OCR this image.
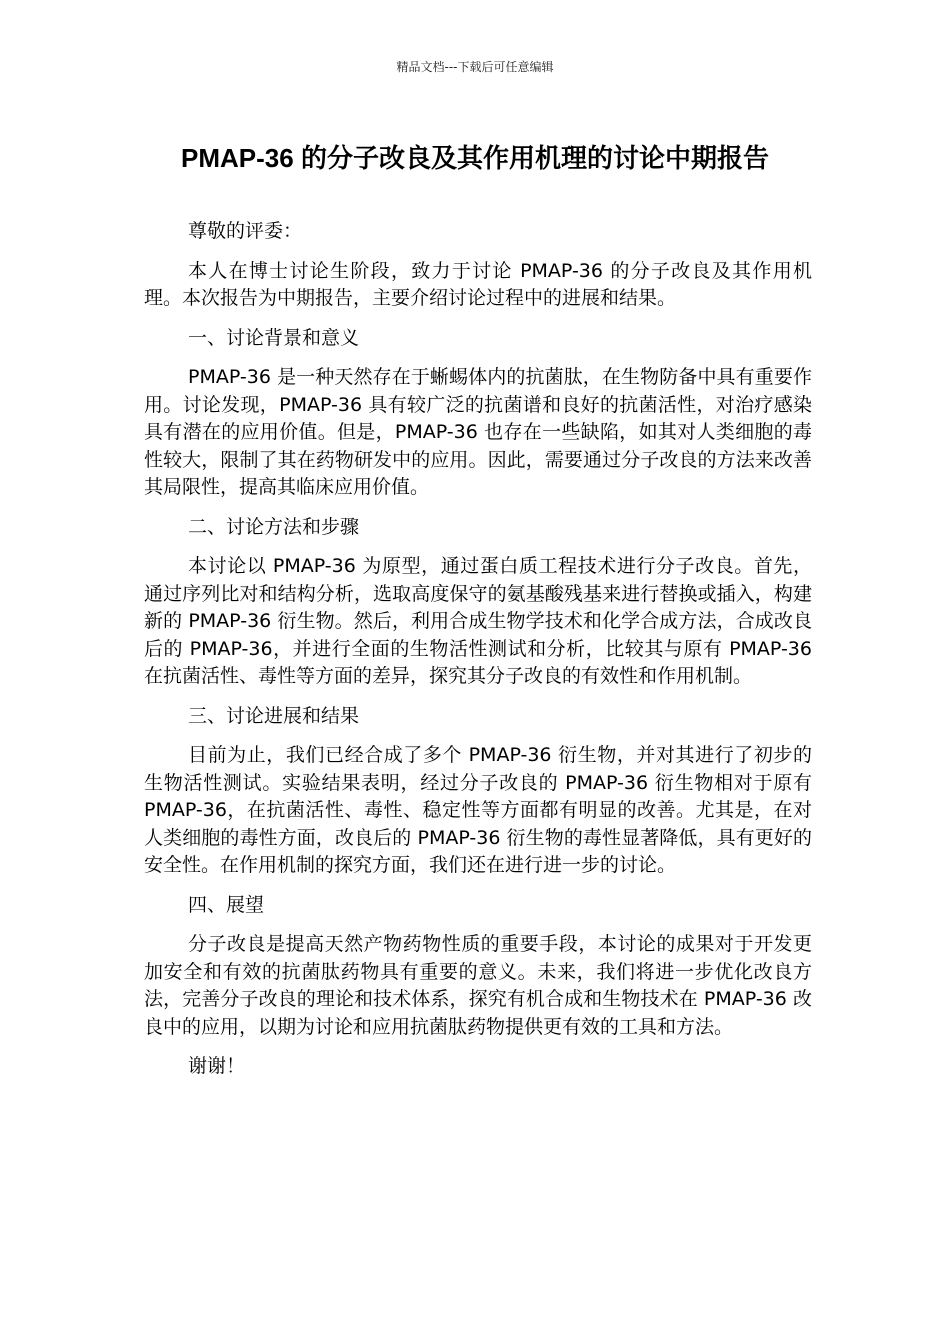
精品文档---下载后可任意编辑
PMAP-36 的分子改良及其作用机理的讨论中期报告

尊敬的评委：

本人在博士讨论生阶段，致力于讨论 PMAP-36 的分子改良及其作用机理。本次报告为中期报告，主要介绍讨论过程中的进展和结果。

一、讨论背景和意义

PMAP-36 是一种天然存在于蜥蜴体内的抗菌肽，在生物防备中具有重要作用。讨论发现，PMAP-36 具有较广泛的抗菌谱和良好的抗菌活性，对治疗感染具有潜在的应用价值。但是，PMAP-36 也存在一些缺陷，如其对人类细胞的毒性较大，限制了其在药物研发中的应用。因此，需要通过分子改良的方法来改善其局限性，提高其临床应用价值。

二、讨论方法和步骤

本讨论以 PMAP-36 为原型，通过蛋白质工程技术进行分子改良。首先，通过序列比对和结构分析，选取高度保守的氨基酸残基来进行替换或插入，构建新的 PMAP-36 衍生物。然后，利用合成生物学技术和化学合成方法，合成改良后的 PMAP-36，并进行全面的生物活性测试和分析，比较其与原有 PMAP-36 在抗菌活性、毒性等方面的差异，探究其分子改良的有效性和作用机制。

三、讨论进展和结果

目前为止，我们已经合成了多个 PMAP-36 衍生物，并对其进行了初步的生物活性测试。实验结果表明，经过分子改良的 PMAP-36 衍生物相对于原有 PMAP-36，在抗菌活性、毒性、稳定性等方面都有明显的改善。尤其是，在对人类细胞的毒性方面，改良后的 PMAP-36 衍生物的毒性显著降低，具有更好的安全性。在作用机制的探究方面，我们还在进行进一步的讨论。

四、展望

分子改良是提高天然产物药物性质的重要手段，本讨论的成果对于开发更加安全和有效的抗菌肽药物具有重要的意义。未来，我们将进一步优化改良方法，完善分子改良的理论和技术体系，探究有机合成和生物技术在 PMAP-36 改良中的应用，以期为讨论和应用抗菌肽药物提供更有效的工具和方法。

谢谢！
